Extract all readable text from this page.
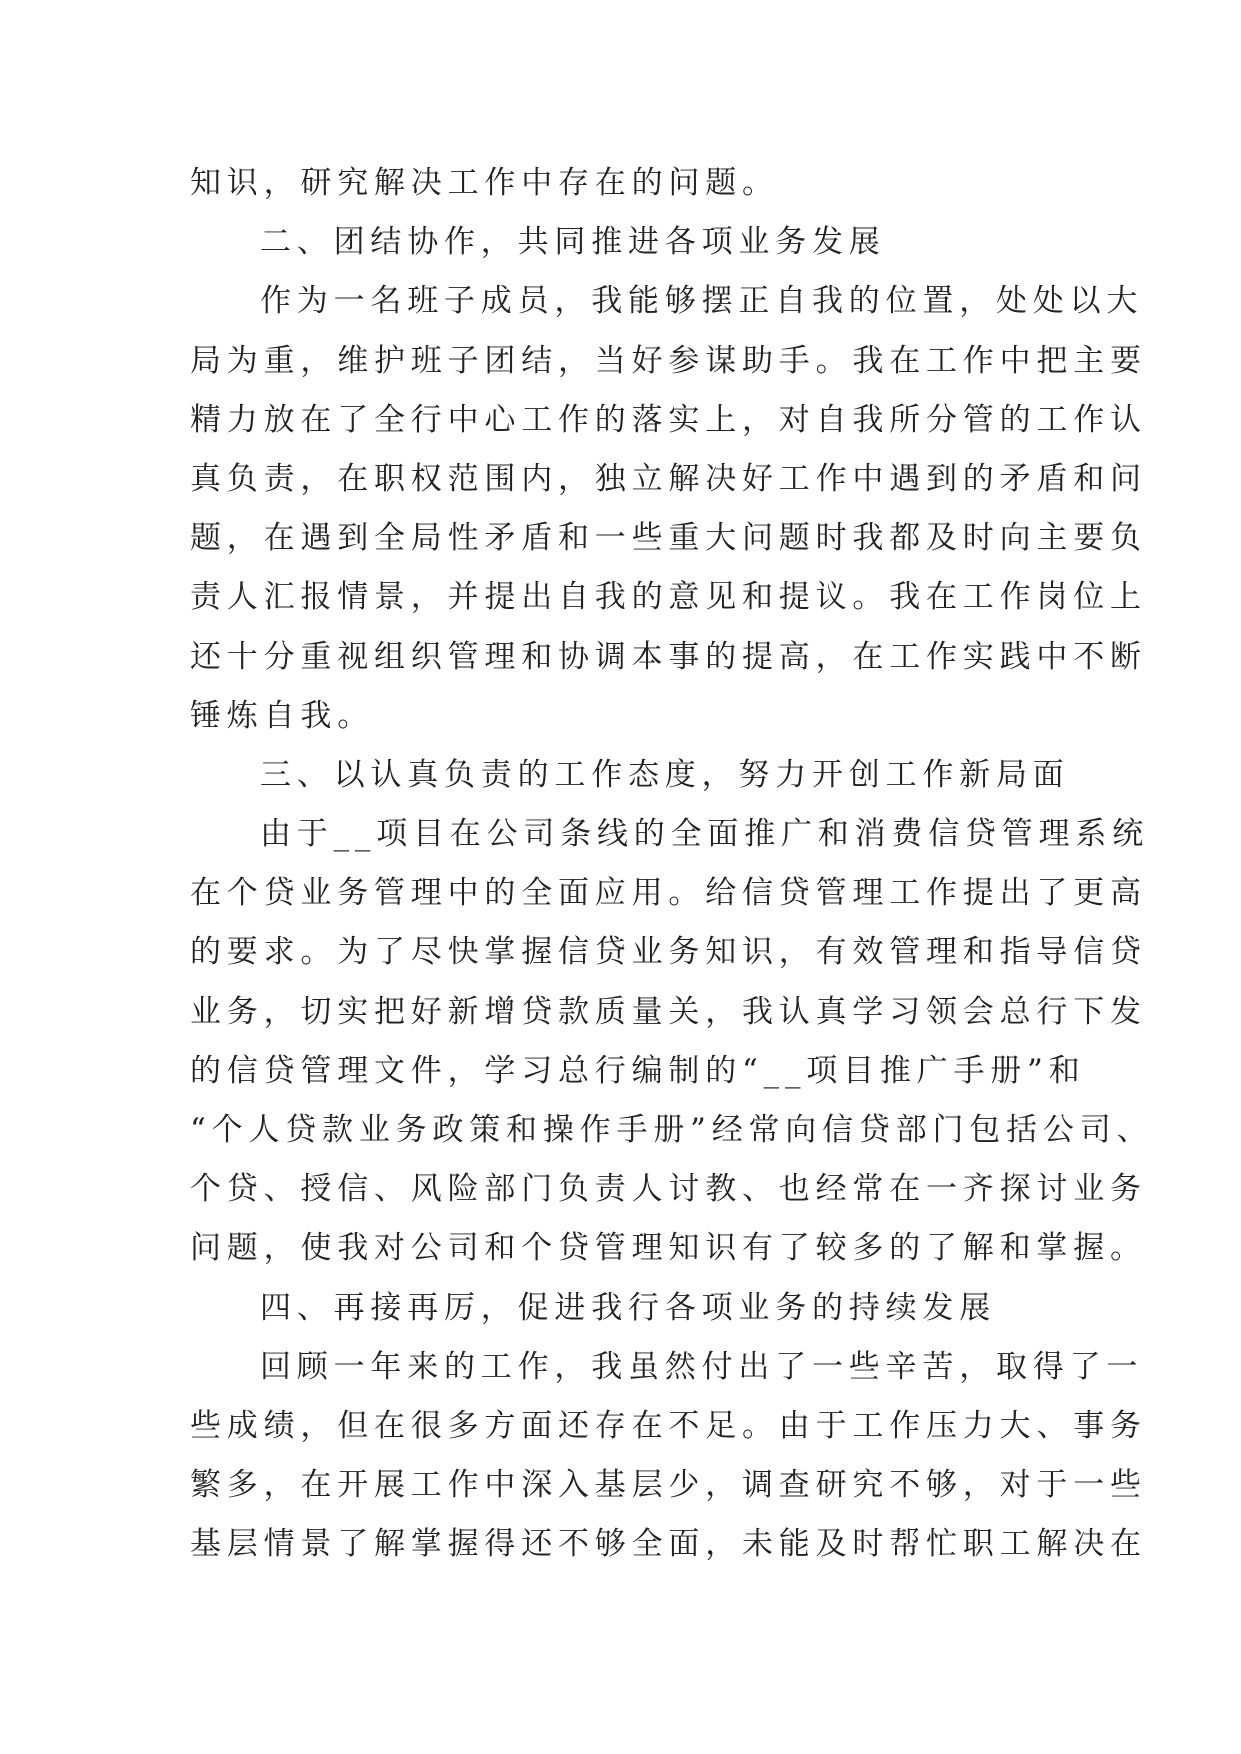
知识，研究解决工作中存在的问题。
二、团结协作，共同推进各项业务发展
作为一名班子成员，我能够摆正自我的位置，处处以大
局为重，维护班子团结，当好参谋助手。我在工作中把主要
精力放在了全行中心工作的落实上，对自我所分管的工作认
真负责，在职权范围内，独立解决好工作中遇到的矛盾和问
题，在遇到全局性矛盾和一些重大问题时我都及时向主要负
责人汇报情景，并提出自我的意见和提议。我在工作岗位上
还十分重视组织管理和协调本事的提高，在工作实践中不断
锤炼自我。
三、以认真负责的工作态度，努力开创工作新局面
由于__项目在公司条线的全面推广和消费信贷管理系统
在个贷业务管理中的全面应用。给信贷管理工作提出了更高
的要求。为了尽快掌握信贷业务知识，有效管理和指导信贷
业务，切实把好新增贷款质量关，我认真学习领会总行下发
的信贷管理文件，学习总行编制的“__项目推广手册”和
“个人贷款业务政策和操作手册”经常向信贷部门包括公司、
个贷、授信、风险部门负责人讨教、也经常在一齐探讨业务
问题，使我对公司和个贷管理知识有了较多的了解和掌握。
四、再接再厉，促进我行各项业务的持续发展
回顾一年来的工作，我虽然付出了一些辛苦，取得了一
些成绩，但在很多方面还存在不足。由于工作压力大、事务
繁多，在开展工作中深入基层少，调查研究不够，对于一些
基层情景了解掌握得还不够全面，未能及时帮忙职工解决在
